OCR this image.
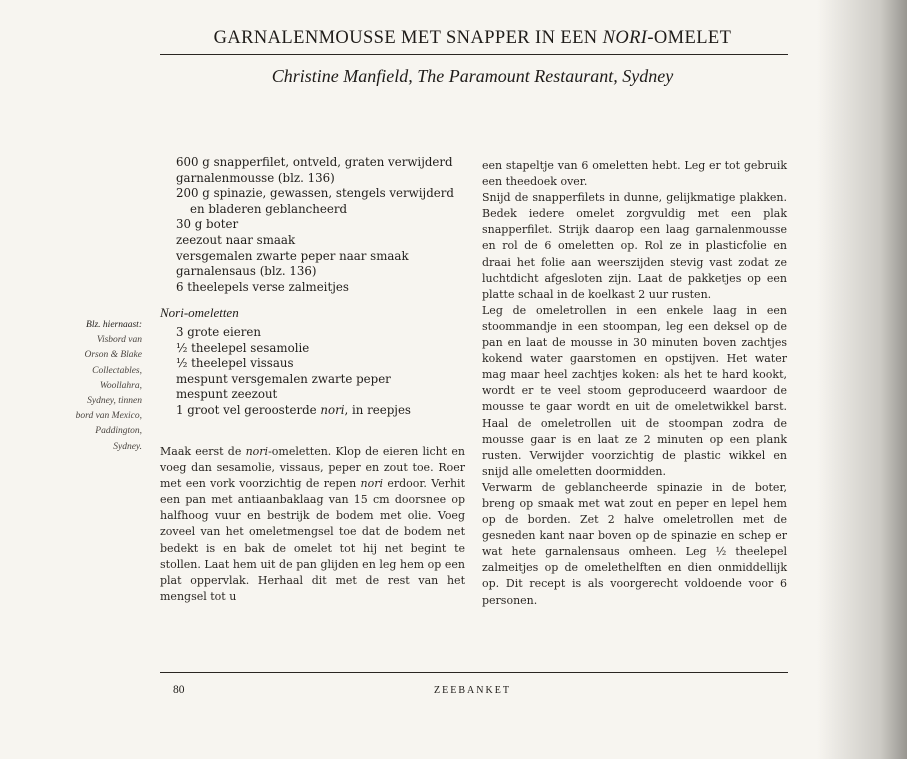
GARNALENMOUSSE MET SNAPPER IN EEN NORI-OMELET
Christine Manfield, The Paramount Restaurant, Sydney
600 g snapperfilet, ontveld, graten verwijderd
garnalenmousse (blz. 136)
200 g spinazie, gewassen, stengels verwijderd
en bladeren geblancheerd
30 g boter
zeezout naar smaak
versgemalen zwarte peper naar smaak
garnalensaus (blz. 136)
6 theelepels verse zalmeitjes
Nori-omeletten
3 grote eieren
½ theelepel sesamolie
½ theelepel vissaus
mespunt versgemalen zwarte peper
mespunt zeezout
1 groot vel geroosterde nori, in reepjes
Blz. hiernaast:
Visbord van
Orson & Blake
Collectables,
Woollahra,
Sydney, tinnen
bord van Mexico,
Paddington,
Sydney. Maak eerst de nori-omeletten. Klop de eieren licht en voeg dan sesamolie, vissaus, peper en zout toe. Roer met een vork voorzichtig de repen nori erdoor. Verhit een pan met antiaanbaklaag van 15 cm doorsnee op halfhoog vuur en bestrijk de bodem met olie. Voeg zoveel van het omeletmengsel toe dat de bodem net bedekt is en bak de omelet tot hij net begint te stollen. Laat hem uit de pan glijden en leg hem op een plat oppervlak. Herhaal dit met de rest van het mengsel tot u

een stapeltje van 6 omeletten hebt. Leg er tot gebruik een theedoek over.

Snijd de snapperfilets in dunne, gelijkmatige plakken. Bedek iedere omelet zorgvuldig met een plak snapperfilet. Strijk daarop een laag garnalenmousse en rol de 6 omeletten op. Rol ze in plasticfolie en draai het folie aan weerszijden stevig vast zodat ze luchtdicht afgesloten zijn. Laat de pakketjes op een platte schaal in de koelkast 2 uur rusten.

Leg de omeletrollen in een enkele laag in een stoommandje in een stoompan, leg een deksel op de pan en laat de mousse in 30 minuten boven zachtjes kokend water gaarstomen en opstijven. Het water mag maar heel zachtjes koken: als het te hard kookt, wordt er te veel stoom geproduceerd waardoor de mousse te gaar wordt en uit de omeletwikkel barst. Haal de omeletrollen uit de stoompan zodra de mousse gaar is en laat ze 2 minuten op een plank rusten. Verwijder voorzichtig de plastic wikkel en snijd alle omeletten doormidden.

Verwarm de geblancheerde spinazie in de boter, breng op smaak met wat zout en peper en lepel hem op de borden. Zet 2 halve omeletrollen met de gesneden kant naar boven op de spinazie en schep er wat hete garnalensaus omheen. Leg ½ theelepel zalmeitjes op de omelethelften en dien onmiddellijk op. Dit recept is als voorgerecht voldoende voor 6 personen.

80	ZEEBANKET
